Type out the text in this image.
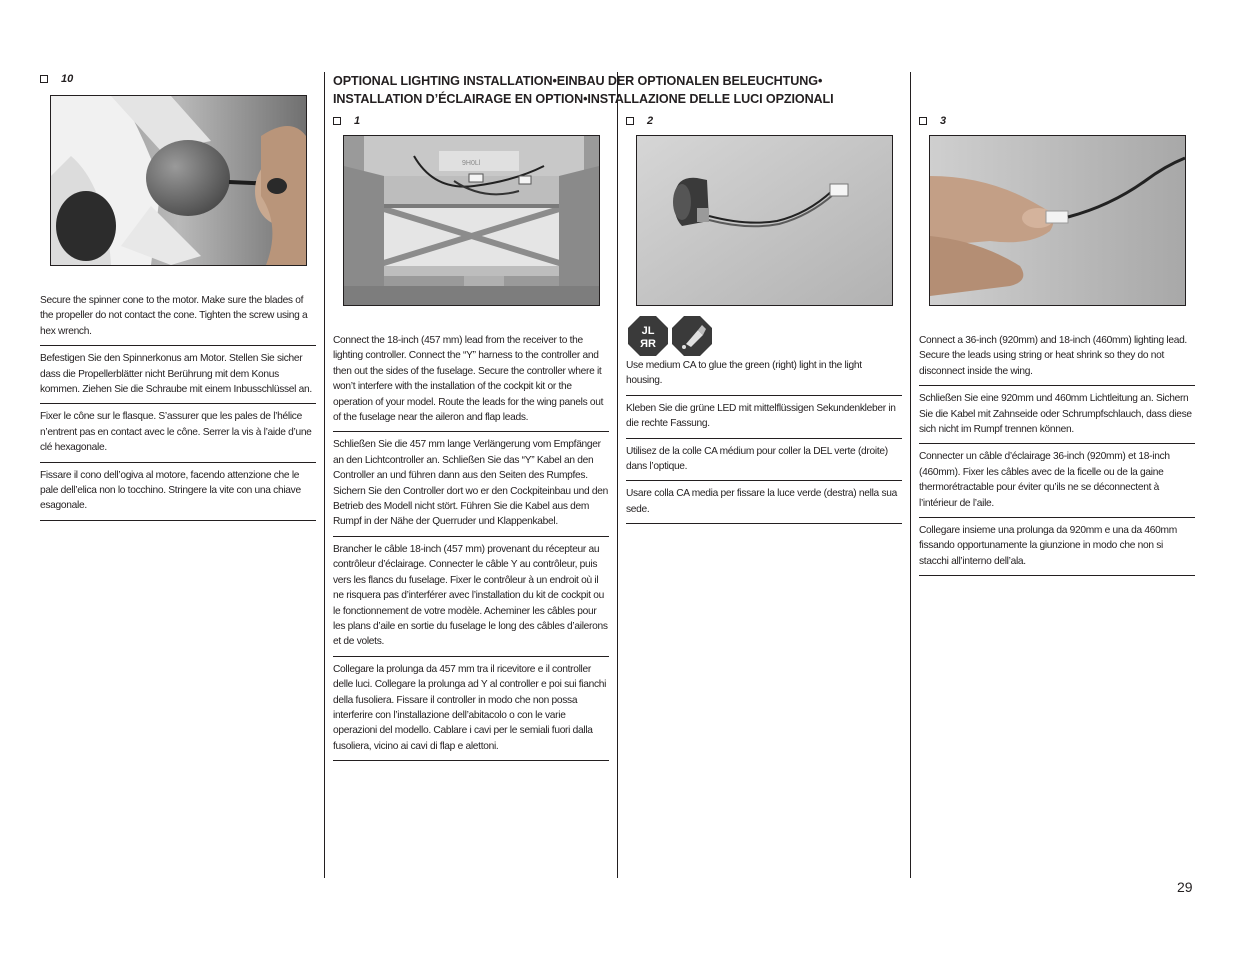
OPTIONAL LIGHTING INSTALLATION•EINBAU DER OPTIONALEN BELEUCHTUNG•
INSTALLATION D’ÉCLAIRAGE EN OPTION•INSTALLAZIONE DELLE LUCI OPZIONALI
10
Secure the spinner cone to the motor. Make sure the blades of the propeller do not contact the cone. Tighten the screw using a hex wrench.
Befestigen Sie den Spinnerkonus am Motor. Stellen Sie sicher dass die Propellerblätter nicht Berührung mit dem Konus kommen. Ziehen Sie die Schraube mit einem Inbusschlüssel an.
Fixer le cône sur le flasque. S’assurer que les pales de l’hélice n’entrent pas en contact avec le cône. Serrer la vis à l’aide d’une clé hexagonale.
Fissare il cono dell’ogiva al motore, facendo attenzione che le pale dell’elica non lo tocchino. Stringere la vite con una chiave esagonale.
1
9H0Ll
Connect the 18-inch (457 mm) lead from the receiver to the lighting controller. Connect the “Y” harness to the controller and then out the sides of the fuselage. Secure the controller where it won’t interfere with the installation of the cockpit kit or the operation of your model. Route the leads for the wing panels out of the fuselage near the aileron and flap leads.
Schließen Sie die 457 mm lange Verlängerung vom Empfänger an den Lichtcontroller an. Schließen Sie das “Y” Kabel an den Controller an und führen dann aus den Seiten des Rumpfes. Sichern Sie den Controller dort wo er den Cockpiteinbau und den Betrieb des Modell nicht stört. Führen Sie die Kabel aus dem Rumpf in der Nähe der Querruder und Klappenkabel.
Brancher le câble 18-inch (457 mm) provenant du récepteur au contrôleur d’éclairage. Connecter le câble Y au contrôleur, puis vers les flancs du fuselage. Fixer le contrôleur à un endroit où il ne risquera pas d’interférer avec l’installation du kit de cockpit ou le fonctionnement de votre modèle. Acheminer les câbles pour les plans d’aile en sortie du fuselage le long des câbles d’ailerons et de volets.
Collegare la prolunga da 457 mm tra il ricevitore e il controller delle luci. Collegare la prolunga ad Y al controller e poi sui fianchi della fusoliera. Fissare il controller in modo che non possa interferire con l’installazione dell’abitacolo o con le varie operazioni del modello. Cablare i cavi per le semiali fuori dalla fusoliera, vicino ai cavi di flap e alettoni.
2
JL
ЯR
Use medium CA to glue the green (right) light in the light housing.
Kleben Sie die grüne LED mit mittelflüssigen Sekundenkleber in die rechte Fassung.
Utilisez de la colle CA médium pour coller la DEL verte (droite) dans l’optique.
Usare colla CA media per fissare la luce verde (destra) nella sua sede.
3
Connect a 36-inch (920mm) and 18-inch (460mm) lighting lead. Secure the leads using string or heat shrink so they do not disconnect inside the wing.
Schließen Sie eine 920mm und 460mm Lichtleitung an. Sichern Sie die Kabel mit Zahnseide oder Schrumpfschlauch, dass diese sich nicht im Rumpf trennen können.
Connecter un câble d’éclairage 36-inch (920mm) et 18-inch (460mm). Fixer les câbles avec de la ficelle ou de la gaine thermorétractable pour éviter qu’ils ne se déconnectent à l’intérieur de l’aile.
Collegare insieme una prolunga da 920mm e una da 460mm fissando opportunamente la giunzione in modo che non si stacchi all’interno dell’ala.
29
